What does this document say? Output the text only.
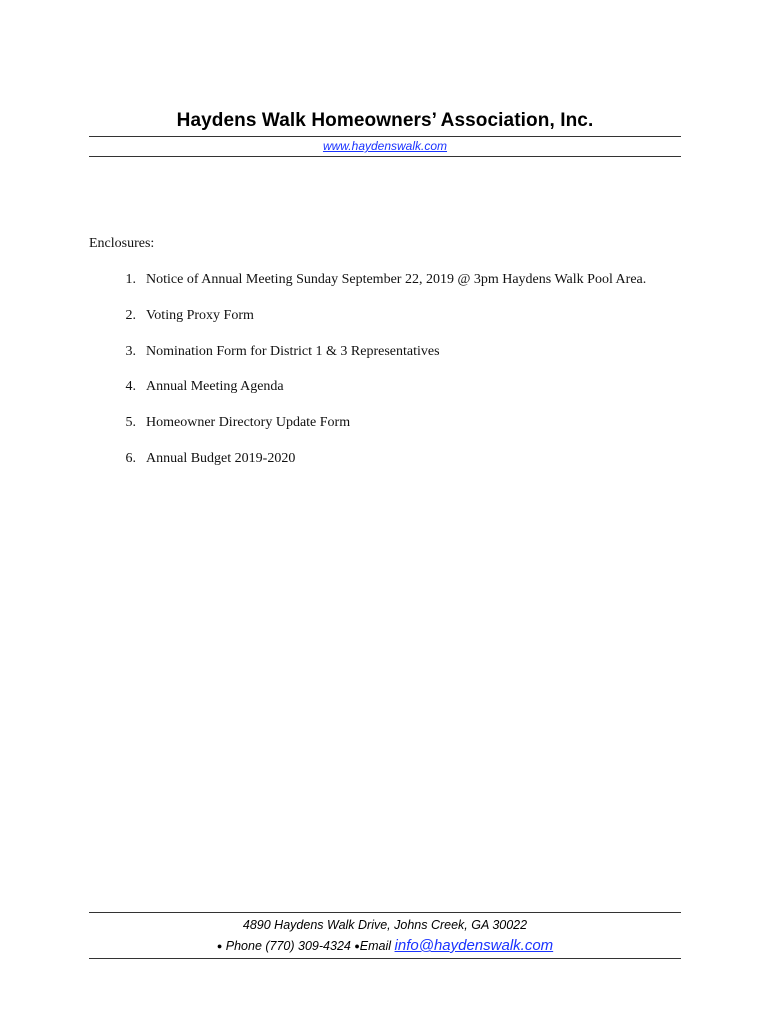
Haydens Walk Homeowners’ Association, Inc.
www.haydenswalk.com
Enclosures:
1. Notice of Annual Meeting Sunday September 22, 2019 @ 3pm Haydens Walk Pool Area.
2. Voting Proxy Form
3. Nomination Form for District 1 & 3 Representatives
4. Annual Meeting Agenda
5. Homeowner Directory Update Form
6. Annual Budget 2019-2020
4890 Haydens Walk Drive, Johns Creek, GA 30022
● Phone (770) 309-4324 ●Email info@haydenswalk.com
